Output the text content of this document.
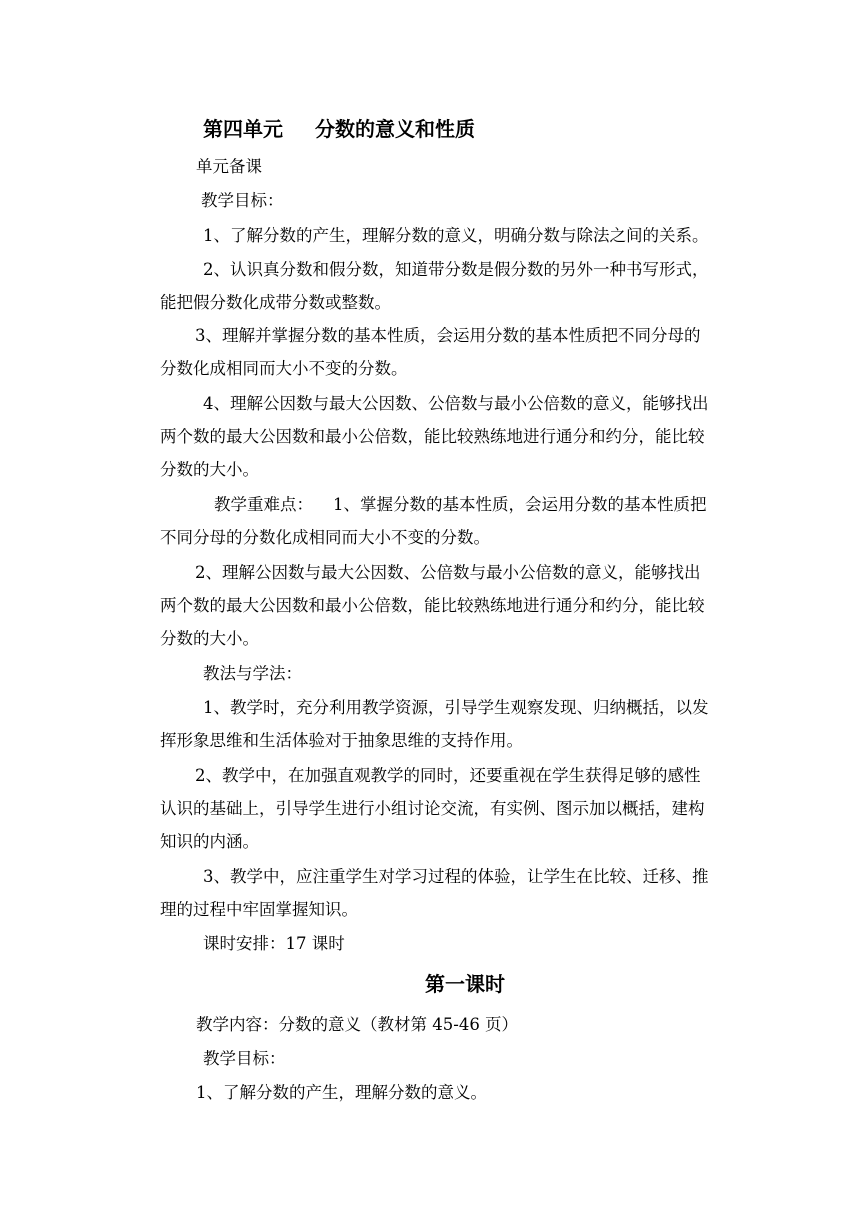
第四单元 分数的意义和性质
单元备课
教学目标：
1、了解分数的产生，理解分数的意义，明确分数与除法之间的关系。
2、认识真分数和假分数，知道带分数是假分数的另外一种书写形式，
能把假分数化成带分数或整数。
3、理解并掌握分数的基本性质，会运用分数的基本性质把不同分母的
分数化成相同而大小不变的分数。
4、理解公因数与最大公因数、公倍数与最小公倍数的意义，能够找出
两个数的最大公因数和最小公倍数，能比较熟练地进行通分和约分，能比较
分数的大小。
教学重难点： 1、掌握分数的基本性质，会运用分数的基本性质把
不同分母的分数化成相同而大小不变的分数。
2、理解公因数与最大公因数、公倍数与最小公倍数的意义，能够找出
两个数的最大公因数和最小公倍数，能比较熟练地进行通分和约分，能比较
分数的大小。
教法与学法：
1、教学时，充分利用教学资源，引导学生观察发现、归纳概括，以发
挥形象思维和生活体验对于抽象思维的支持作用。
2、教学中，在加强直观教学的同时，还要重视在学生获得足够的感性
认识的基础上，引导学生进行小组讨论交流，有实例、图示加以概括，建构
知识的内涵。
3、教学中，应注重学生对学习过程的体验，让学生在比较、迁移、推
理的过程中牢固掌握知识。
课时安排：17 课时
第一课时
教学内容：分数的意义（教材第 45-46 页）
教学目标：
1、了解分数的产生，理解分数的意义。
